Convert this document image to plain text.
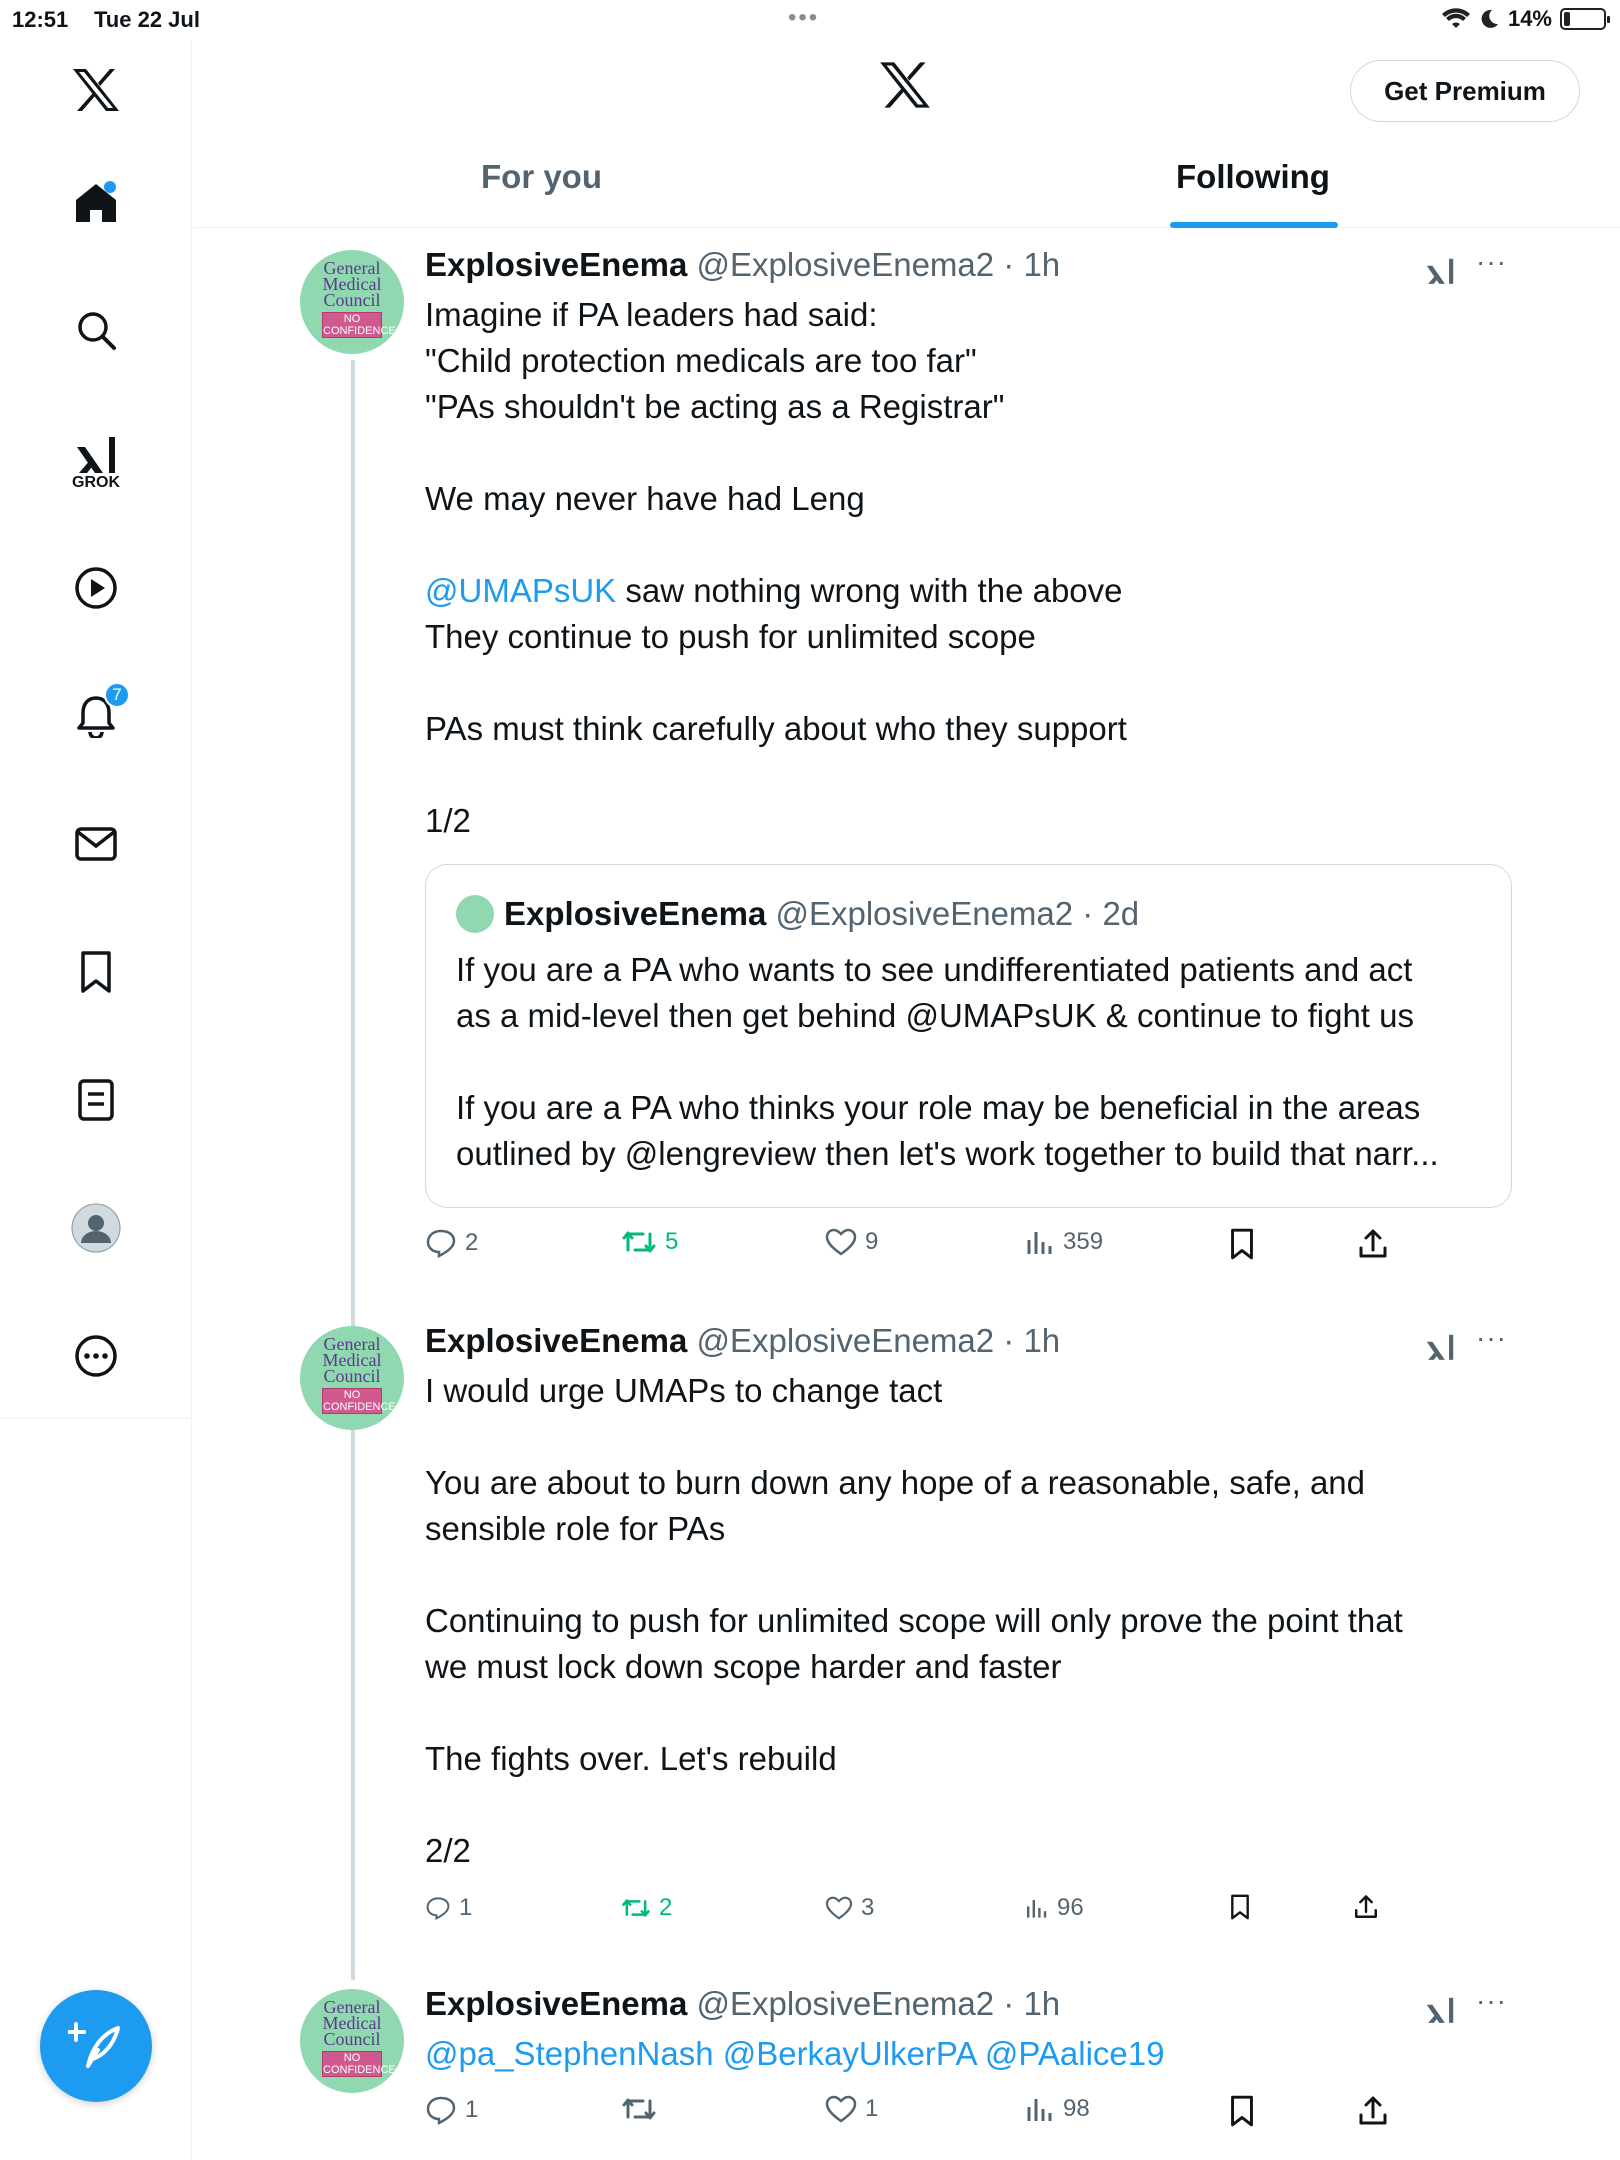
12:51 Tue 22 Jul	•••	14%
GROK
7
Get Premium
For you	Following
General
Medical
Council
NO CONFIDENCE
ExplosiveEnema @ExplosiveEnema2 · 1h	···

Imagine if PA leaders had said:

"Child protection medicals are too far"

"PAs shouldn't be acting as a Registrar"

We may never have had Leng

@UMAPsUK saw nothing wrong with the above

They continue to push for unlimited scope

PAs must think carefully about who they support

1/2

ExplosiveEnema @ExplosiveEnema2 · 2d

If you are a PA who wants to see undifferentiated patients and act

as a mid-level then get behind @UMAPsUK & continue to fight us

If you are a PA who thinks your role may be beneficial in the areas

outlined by @lengreview then let's work together to build that narr...

2	5	9	359
General
Medical
Council
NO CONFIDENCE
ExplosiveEnema @ExplosiveEnema2 · 1h	···

I would urge UMAPs to change tact

You are about to burn down any hope of a reasonable, safe, and

sensible role for PAs

Continuing to push for unlimited scope will only prove the point that

we must lock down scope harder and faster

The fights over. Let's rebuild

2/2

1	2	3	96
General
Medical
Council
NO CONFIDENCE
ExplosiveEnema @ExplosiveEnema2 · 1h	···

@pa_StephenNash @BerkayUlkerPA @PAalice19

1	1	98
